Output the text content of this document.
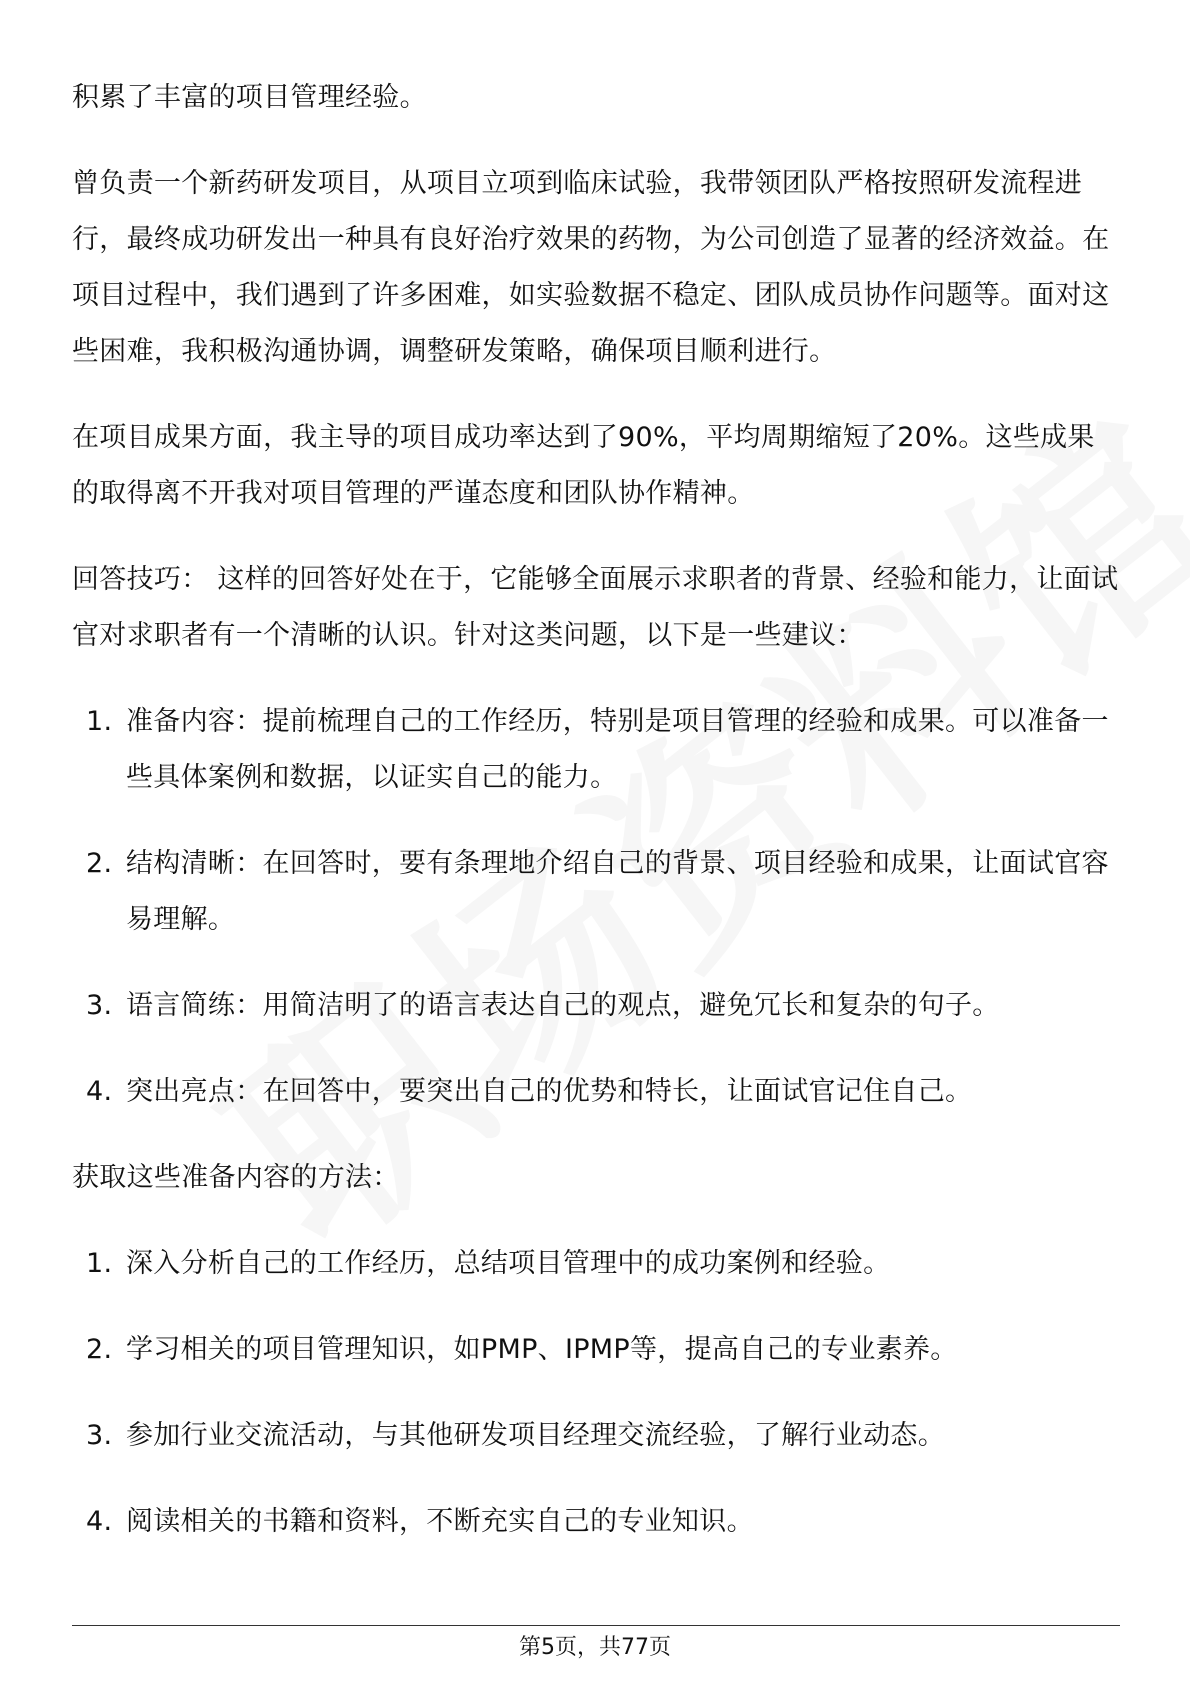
积累了丰富的项目管理经验。

曾负责一个新药研发项目，从项目立项到临床试验，我带领团队严格按照研发流程进行，最终成功研发出一种具有良好治疗效果的药物，为公司创造了显著的经济效益。在项目过程中，我们遇到了许多困难，如实验数据不稳定、团队成员协作问题等。面对这些困难，我积极沟通协调，调整研发策略，确保项目顺利进行。

在项目成果方面，我主导的项目成功率达到了90%，平均周期缩短了20%。这些成果的取得离不开我对项目管理的严谨态度和团队协作精神。

回答技巧： 这样的回答好处在于，它能够全面展示求职者的背景、经验和能力，让面试官对求职者有一个清晰的认识。针对这类问题，以下是一些建议：

1. 准备内容：提前梳理自己的工作经历，特别是项目管理的经验和成果。可以准备一些具体案例和数据，以证实自己的能力。
2. 结构清晰：在回答时，要有条理地介绍自己的背景、项目经验和成果，让面试官容易理解。
3. 语言简练：用简洁明了的语言表达自己的观点，避免冗长和复杂的句子。
4. 突出亮点：在回答中，要突出自己的优势和特长，让面试官记住自己。

获取这些准备内容的方法：

1. 深入分析自己的工作经历，总结项目管理中的成功案例和经验。
2. 学习相关的项目管理知识，如PMP、IPMP等，提高自己的专业素养。
3. 参加行业交流活动，与其他研发项目经理交流经验，了解行业动态。
4. 阅读相关的书籍和资料，不断充实自己的专业知识。
第5页，共77页
